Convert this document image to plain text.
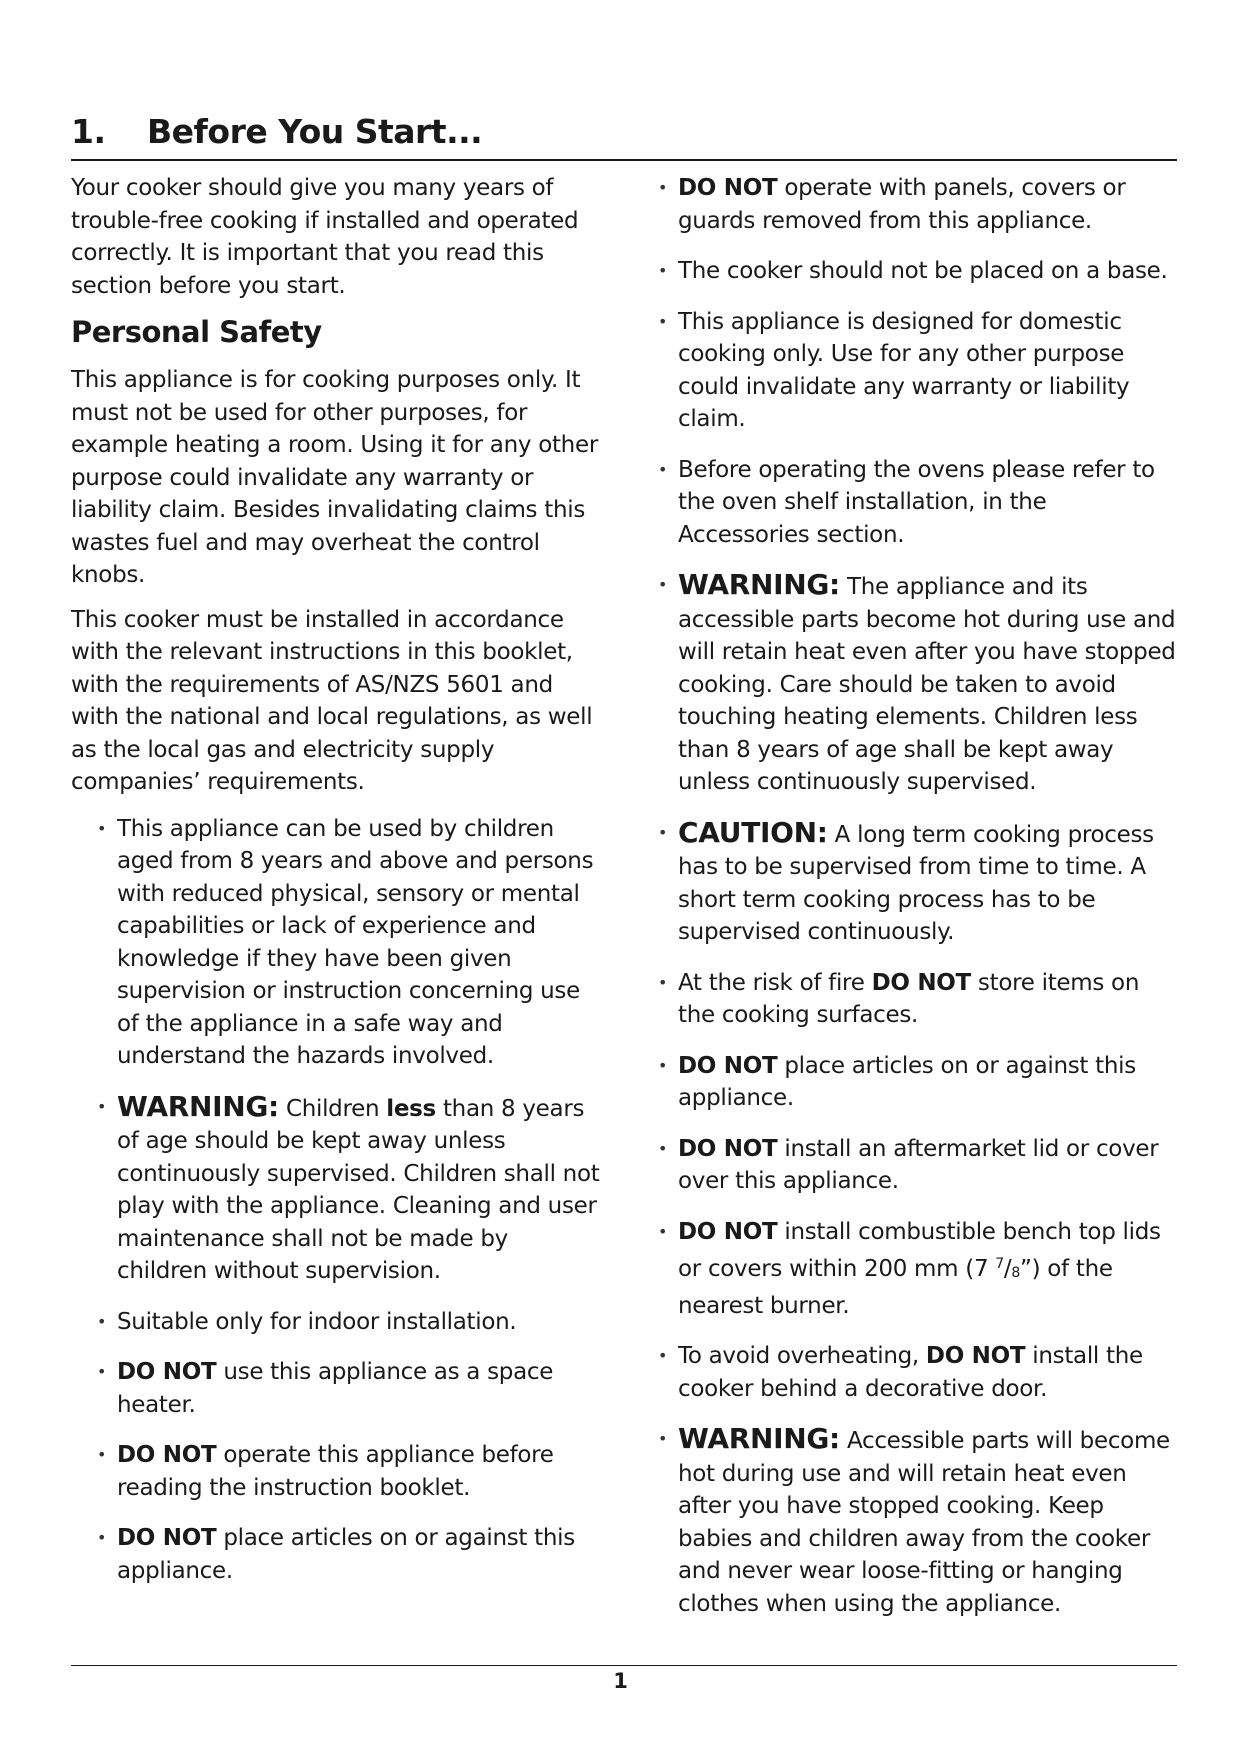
1. Before You Start...

Your cooker should give you many years of trouble-free cooking if installed and operated correctly. It is important that you read this section before you start.

Personal Safety

This appliance is for cooking purposes only. It must not be used for other purposes, for example heating a room. Using it for any other purpose could invalidate any warranty or liability claim. Besides invalidating claims this wastes fuel and may overheat the control knobs.

This cooker must be installed in accordance with the relevant instructions in this booklet, with the requirements of AS/NZS 5601 and with the national and local regulations, as well as the local gas and electricity supply companies’ requirements.

• This appliance can be used by children aged from 8 years and above and persons with reduced physical, sensory or mental capabilities or lack of experience and knowledge if they have been given supervision or instruction concerning use of the appliance in a safe way and understand the hazards involved.
• WARNING: Children less than 8 years of age should be kept away unless continuously supervised. Children shall not play with the appliance. Cleaning and user maintenance shall not be made by children without supervision.
• Suitable only for indoor installation.
• DO NOT use this appliance as a space heater.
• DO NOT operate this appliance before reading the instruction booklet.
• DO NOT place articles on or against this appliance.
• DO NOT operate with panels, covers or guards removed from this appliance.
• The cooker should not be placed on a base.
• This appliance is designed for domestic cooking only. Use for any other purpose could invalidate any warranty or liability claim.
• Before operating the ovens please refer to the oven shelf installation, in the Accessories section.
• WARNING: The appliance and its accessible parts become hot during use and will retain heat even after you have stopped cooking. Care should be taken to avoid touching heating elements. Children less than 8 years of age shall be kept away unless continuously supervised.
• CAUTION: A long term cooking process has to be supervised from time to time. A short term cooking process has to be supervised continuously.
• At the risk of fire DO NOT store items on the cooking surfaces.
• DO NOT place articles on or against this appliance.
• DO NOT install an aftermarket lid or cover over this appliance.
• DO NOT install combustible bench top lids or covers within 200 mm (7 $^7/_8$”) of the nearest burner.
• To avoid overheating, DO NOT install the cooker behind a decorative door.
• WARNING: Accessible parts will become hot during use and will retain heat even after you have stopped cooking. Keep babies and children away from the cooker and never wear loose-fitting or hanging clothes when using the appliance.
1
